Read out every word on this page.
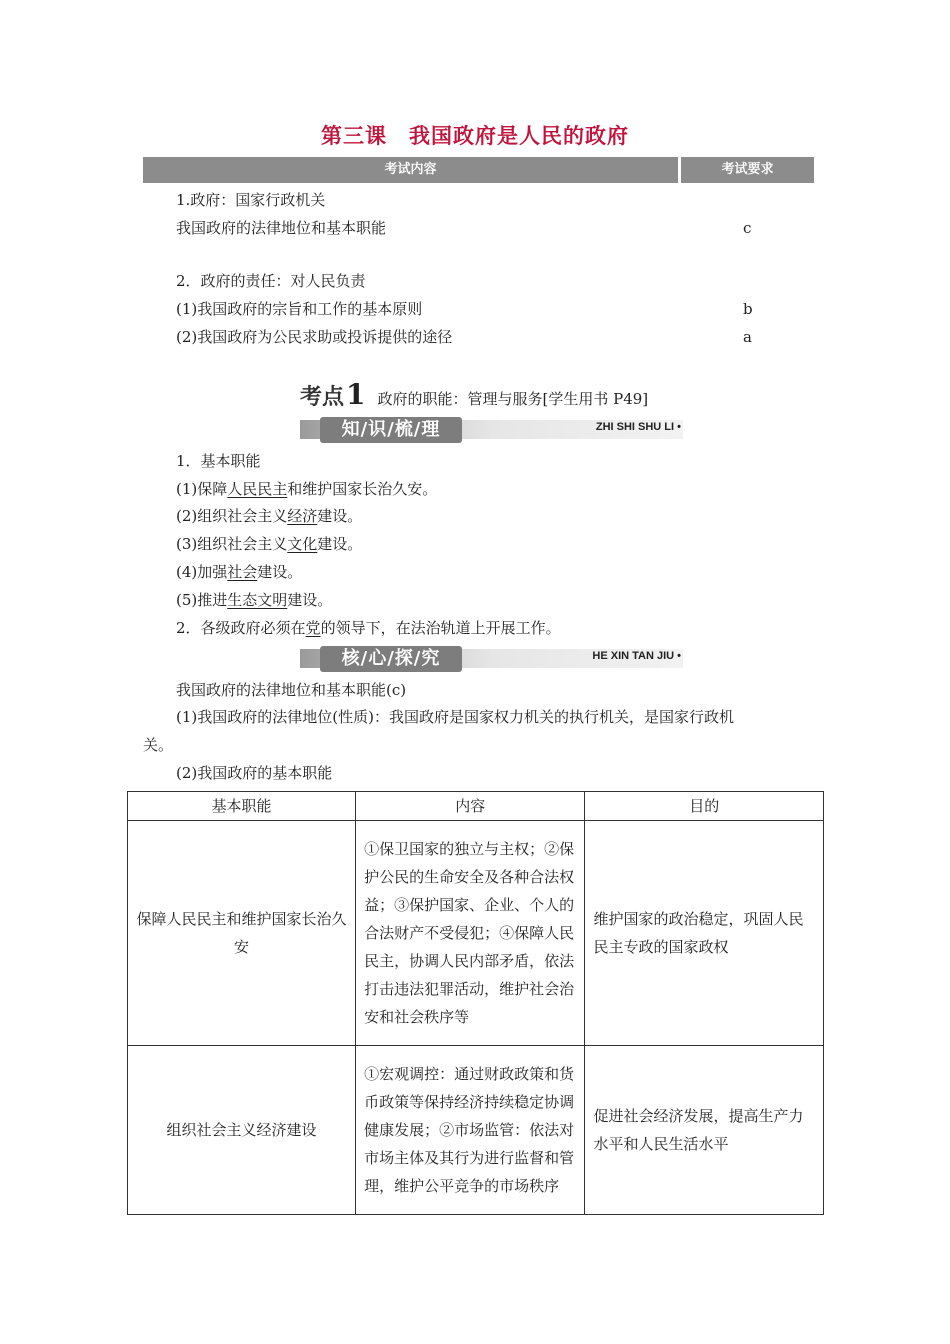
第三课 我国政府是人民的政府
考试内容	考试要求
1.政府：国家行政机关
我国政府的法律地位和基本职能	c
2．政府的责任：对人民负责
(1)我国政府的宗旨和工作的基本原则	b
(2)我国政府为公民求助或投诉提供的途径	a
考点1 政府的职能：管理与服务[学生用书 P49]
知/识/梳/理	ZHI SHI SHU LI •
1．基本职能
(1)保障人民民主和维护国家长治久安。
(2)组织社会主义经济建设。
(3)组织社会主义文化建设。
(4)加强社会建设。
(5)推进生态文明建设。
2．各级政府必须在党的领导下，在法治轨道上开展工作。
核/心/探/究	HE XIN TAN JIU •
我国政府的法律地位和基本职能(c)
(1)我国政府的法律地位(性质)：我国政府是国家权力机关的执行机关，是国家行政机
关。
(2)我国政府的基本职能
基本职能	内容	目的
保障人民民主和维护国家长治久安	①保卫国家的独立与主权；②保护公民的生命安全及各种合法权益；③保护国家、企业、个人的合法财产不受侵犯；④保障人民民主，协调人民内部矛盾，依法打击违法犯罪活动，维护社会治安和社会秩序等	维护国家的政治稳定，巩固人民民主专政的国家政权
组织社会主义经济建设	①宏观调控：通过财政政策和货币政策等保持经济持续稳定协调健康发展；②市场监管：依法对市场主体及其行为进行监督和管理，维护公平竞争的市场秩序	促进社会经济发展，提高生产力水平和人民生活水平
